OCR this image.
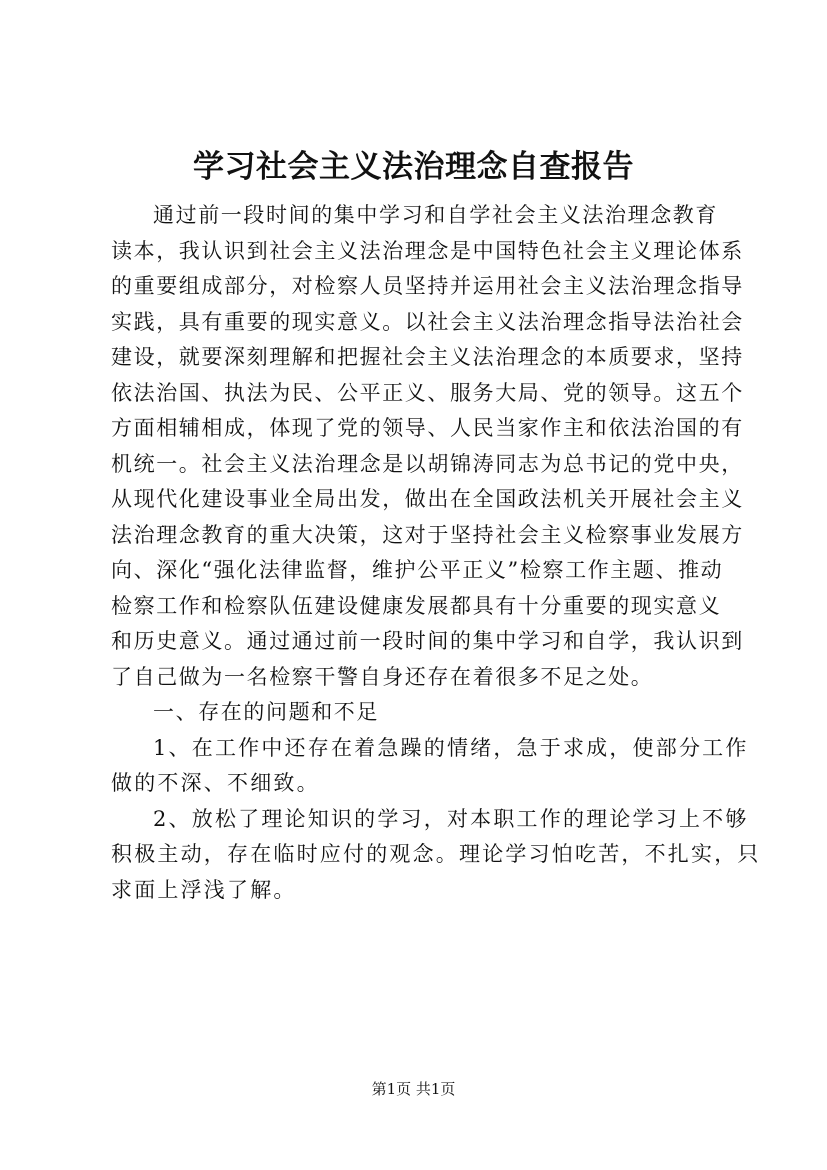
学习社会主义法治理念自查报告
通过前一段时间的集中学习和自学社会主义法治理念教育
读本，我认识到社会主义法治理念是中国特色社会主义理论体系
的重要组成部分，对检察人员坚持并运用社会主义法治理念指导
实践，具有重要的现实意义。以社会主义法治理念指导法治社会
建设，就要深刻理解和把握社会主义法治理念的本质要求，坚持
依法治国、执法为民、公平正义、服务大局、党的领导。这五个
方面相辅相成，体现了党的领导、人民当家作主和依法治国的有
机统一。社会主义法治理念是以胡锦涛同志为总书记的党中央，
从现代化建设事业全局出发，做出在全国政法机关开展社会主义
法治理念教育的重大决策，这对于坚持社会主义检察事业发展方
向、深化“强化法律监督，维护公平正义”检察工作主题、推动
检察工作和检察队伍建设健康发展都具有十分重要的现实意义
和历史意义。通过通过前一段时间的集中学习和自学，我认识到
了自己做为一名检察干警自身还存在着很多不足之处。
一、存在的问题和不足
1、在工作中还存在着急躁的情绪，急于求成，使部分工作
做的不深、不细致。
2、放松了理论知识的学习，对本职工作的理论学习上不够
积极主动，存在临时应付的观念。理论学习怕吃苦，不扎实，只
求面上浮浅了解。
第1页 共1页
